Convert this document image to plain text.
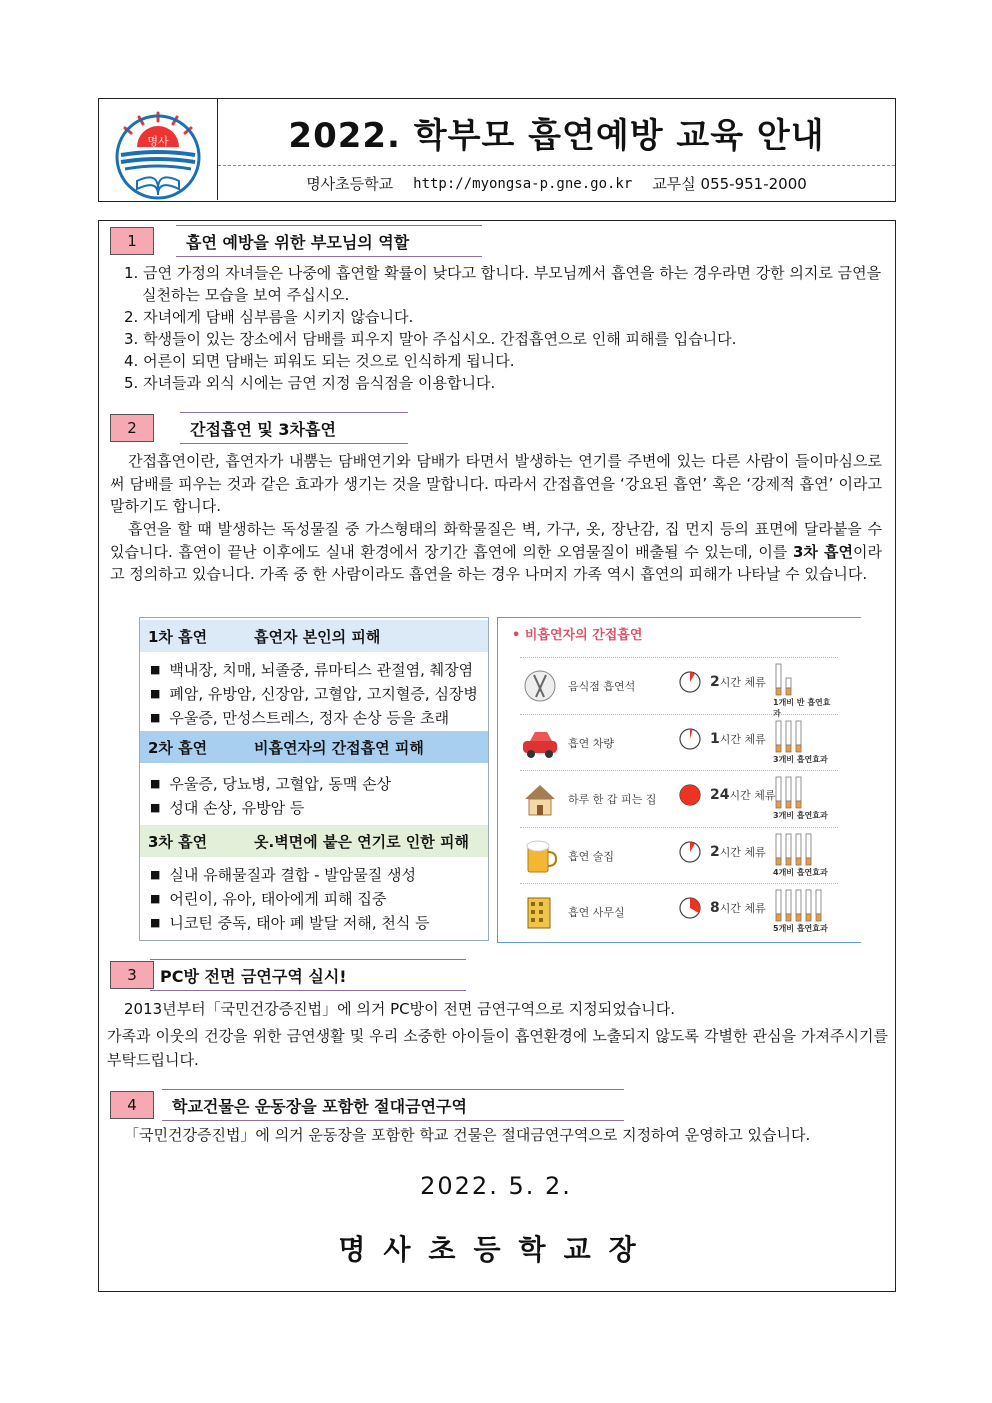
명사	2022. 학부모 흡연예방 교육 안내
명사초등학교 http://myongsa-p.gne.go.kr 교무실 055-951-2000
1	흡연 예방을 위한 부모님의 역할
1. 금연 가정의 자녀들은 나중에 흡연할 확률이 낮다고 합니다. 부모님께서 흡연을 하는 경우라면 강한 의지로 금연을 실천하는 모습을 보여 주십시오.
2. 자녀에게 담배 심부름을 시키지 않습니다.
3. 학생들이 있는 장소에서 담배를 피우지 말아 주십시오. 간접흡연으로 인해 피해를 입습니다.
4. 어른이 되면 담배는 피워도 되는 것으로 인식하게 됩니다.
5. 자녀들과 외식 시에는 금연 지정 음식점을 이용합니다.
2	간접흡연 및 3차흡연

간접흡연이란, 흡연자가 내뿜는 담배연기와 담배가 타면서 발생하는 연기를 주변에 있는 다른 사람이 들이마심으로써 담배를 피우는 것과 같은 효과가 생기는 것을 말합니다. 따라서 간접흡연을 ‘강요된 흡연’ 혹은 ‘강제적 흡연’ 이라고 말하기도 합니다.

흡연을 할 때 발생하는 독성물질 중 가스형태의 화학물질은 벽, 가구, 옷, 장난감, 집 먼지 등의 표면에 달라붙을 수 있습니다. 흡연이 끝난 이후에도 실내 환경에서 장기간 흡연에 의한 오염물질이 배출될 수 있는데, 이를 3차 흡연이라고 정의하고 있습니다. 가족 중 한 사람이라도 흡연을 하는 경우 나머지 가족 역시 흡연의 피해가 나타날 수 있습니다.

1차 흡연	흡연자 본인의 피해
■ 백내장, 치매, 뇌졸중, 류마티스 관절염, 췌장염
■ 폐암, 유방암, 신장암, 고혈압, 고지혈증, 심장병
■ 우울증, 만성스트레스, 정자 손상 등을 초래
2차 흡연	비흡연자의 간접흡연 피해
■ 우울증, 당뇨병, 고혈압, 동맥 손상
■ 성대 손상, 유방암 등
3차 흡연	옷.벽면에 붙은 연기로 인한 피해
■ 실내 유해물질과 결합 - 발암물질 생성
■ 어린이, 유아, 태아에게 피해 집중
■ 니코틴 중독, 태아 폐 발달 저해, 천식 등
• 비흡연자의 간접흡연
음식점 흡연석	2시간 체류
1개비 반 흡연효과
흡연 차량	1시간 체류
3개비 흡연효과
하루 한 갑 피는 집	24시간 체류
3개비 흡연효과
흡연 술집	2시간 체류
4개비 흡연효과
흡연 사무실	8시간 체류
5개비 흡연효과
3	PC방 전면 금연구역 실시!

2013년부터「국민건강증진법」에 의거 PC방이 전면 금연구역으로 지정되었습니다.

가족과 이웃의 건강을 위한 금연생활 및 우리 소중한 아이들이 흡연환경에 노출되지 않도록 각별한 관심을 가져주시기를 부탁드립니다.

4	학교건물은 운동장을 포함한 절대금연구역

「국민건강증진법」에 의거 운동장을 포함한 학교 건물은 절대금연구역으로 지정하여 운영하고 있습니다.

2022. 5. 2.
명사초등학교장
